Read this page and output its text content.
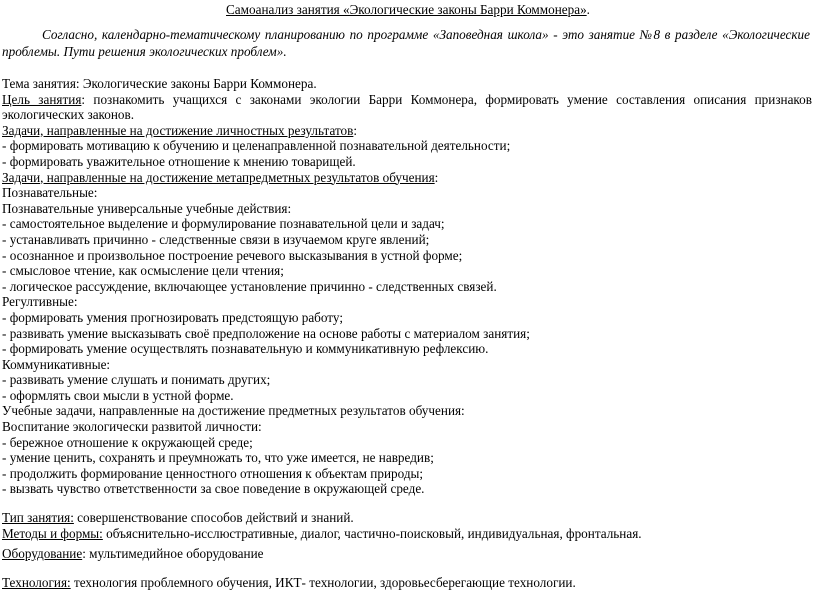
Самоанализ занятия «Экологические законы Барри Коммонера».
Согласно, календарно-тематическому планированию по программе «Заповедная школа» - это занятие №8 в разделе «Экологические проблемы. Пути решения экологических проблем».
Тема занятия: Экологические законы Барри Коммонера.
Цель занятия: познакомить учащихся с законами экологии Барри Коммонера, формировать умение составления описания признаков экологических законов.
Задачи, направленные на достижение личностных результатов:
- формировать мотивацию к обучению и целенаправленной познавательной деятельности;
- формировать уважительное отношение к мнению товарищей.
Задачи, направленные на достижение метапредметных результатов обучения:
Познавательные:
Познавательные универсальные учебные действия:
- самостоятельное выделение и формулирование познавательной цели и задач;
- устанавливать причинно - следственные связи в изучаемом круге явлений;
- осознанное и произвольное построение речевого высказывания в устной форме;
- смысловое чтение, как осмысление цели чтения;
- логическое рассуждение, включающее установление причинно - следственных связей.
Регултивные:
- формировать умения прогнозировать предстоящую работу;
- развивать умение высказывать своё предположение на основе работы с материалом занятия;
- формировать умение осуществлять познавательную и коммуникативную рефлексию.
Коммуникативные:
- развивать умение слушать и понимать других;
- оформлять свои мысли в устной форме.
Учебные задачи, направленные на достижение предметных результатов обучения:
Воспитание экологически развитой личности:
- бережное отношение к окружающей среде;
- умение ценить, сохранять и преумножать то, что уже имеется, не навредив;
- продолжить формирование ценностного отношения к объектам природы;
- вызвать чувство ответственности за свое поведение в окружающей среде.
Тип занятия: совершенствование способов действий и знаний.
Методы и формы: объяснительно-исслюстративные, диалог, частично-поисковый, индивидуальная, фронтальная.
Оборудование: мультимедийное оборудование
Технология: технология проблемного обучения, ИКТ- технологии, здоровьесберегающие технологии.
